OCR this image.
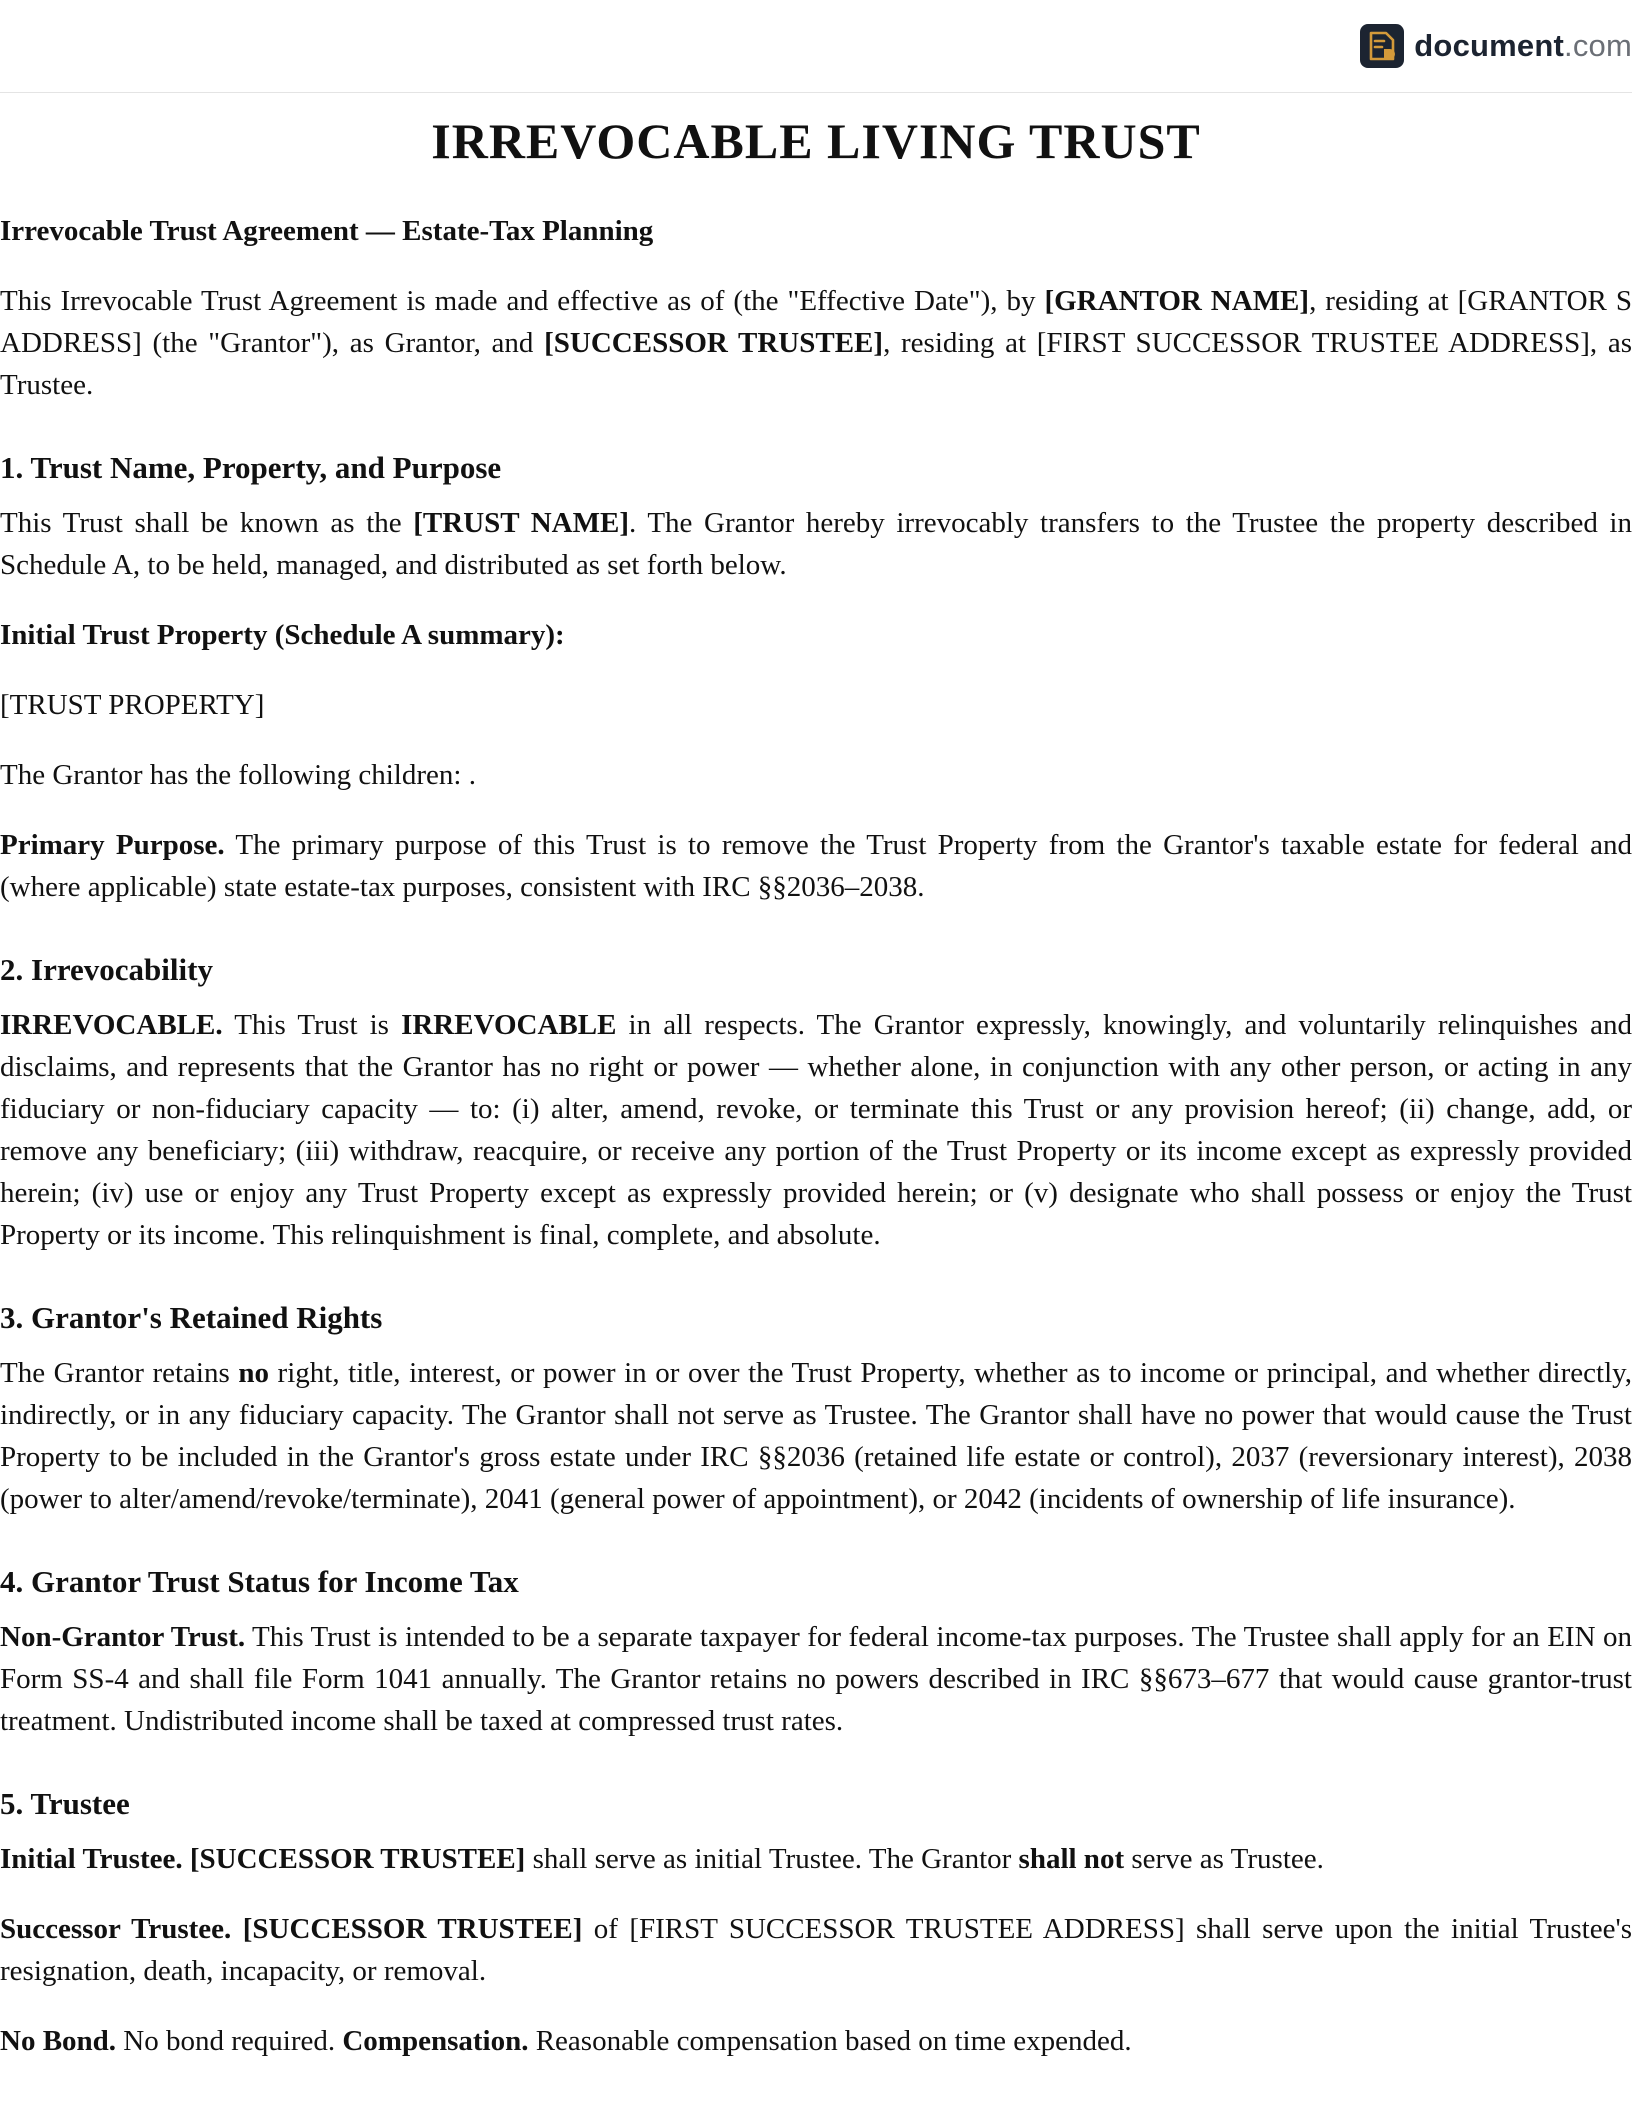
document.com
IRREVOCABLE LIVING TRUST
Irrevocable Trust Agreement — Estate-Tax Planning

This Irrevocable Trust Agreement is made and effective as of (the "Effective Date"), by [GRANTOR NAME], residing at [GRANTOR S ADDRESS] (the "Grantor"), as Grantor, and [SUCCESSOR TRUSTEE], residing at [FIRST SUCCESSOR TRUSTEE ADDRESS], as Trustee.

1. Trust Name, Property, and Purpose

This Trust shall be known as the [TRUST NAME]. The Grantor hereby irrevocably transfers to the Trustee the property described in Schedule A, to be held, managed, and distributed as set forth below.

Initial Trust Property (Schedule A summary):

[TRUST PROPERTY]

The Grantor has the following children: .

Primary Purpose. The primary purpose of this Trust is to remove the Trust Property from the Grantor's taxable estate for federal and (where applicable) state estate-tax purposes, consistent with IRC §§2036–2038.

2. Irrevocability

IRREVOCABLE. This Trust is IRREVOCABLE in all respects. The Grantor expressly, knowingly, and voluntarily relinquishes and disclaims, and represents that the Grantor has no right or power — whether alone, in conjunction with any other person, or acting in any fiduciary or non-fiduciary capacity — to: (i) alter, amend, revoke, or terminate this Trust or any provision hereof; (ii) change, add, or remove any beneficiary; (iii) withdraw, reacquire, or receive any portion of the Trust Property or its income except as expressly provided herein; (iv) use or enjoy any Trust Property except as expressly provided herein; or (v) designate who shall possess or enjoy the Trust Property or its income. This relinquishment is final, complete, and absolute.

3. Grantor's Retained Rights

The Grantor retains no right, title, interest, or power in or over the Trust Property, whether as to income or principal, and whether directly, indirectly, or in any fiduciary capacity. The Grantor shall not serve as Trustee. The Grantor shall have no power that would cause the Trust Property to be included in the Grantor's gross estate under IRC §§2036 (retained life estate or control), 2037 (reversionary interest), 2038 (power to alter/amend/revoke/terminate), 2041 (general power of appointment), or 2042 (incidents of ownership of life insurance).

4. Grantor Trust Status for Income Tax

Non-Grantor Trust. This Trust is intended to be a separate taxpayer for federal income-tax purposes. The Trustee shall apply for an EIN on Form SS-4 and shall file Form 1041 annually. The Grantor retains no powers described in IRC §§673–677 that would cause grantor-trust treatment. Undistributed income shall be taxed at compressed trust rates.

5. Trustee

Initial Trustee. [SUCCESSOR TRUSTEE] shall serve as initial Trustee. The Grantor shall not serve as Trustee.

Successor Trustee. [SUCCESSOR TRUSTEE] of [FIRST SUCCESSOR TRUSTEE ADDRESS] shall serve upon the initial Trustee's resignation, death, incapacity, or removal.

No Bond. No bond required. Compensation. Reasonable compensation based on time expended.
